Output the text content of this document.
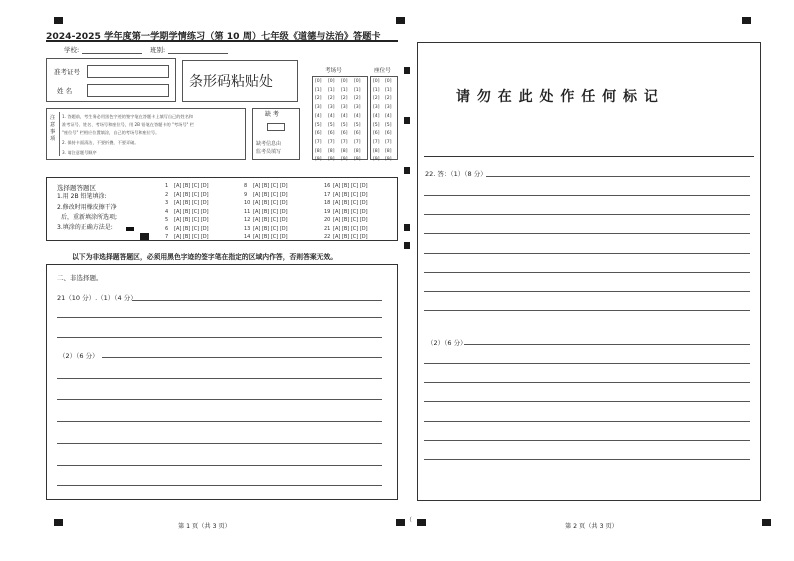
2024-2025 学年度第一学期学情练习（第 10 周）七年级《道德与法治》答题卡
学校:	班别:
准考证号
姓 名
条形码粘贴处
考场号
[0]
[1]
[2]
[3]
[4]
[5]
[6]
[7]
[8]
[9]
[0]
[1]
[2]
[3]
[4]
[5]
[6]
[7]
[8]
[9]
[0]
[1]
[2]
[3]
[4]
[5]
[6]
[7]
[8]
[9]
[0]
[1]
[2]
[3]
[4]
[5]
[6]
[7]
[8]
[9]
座位号
[0]
[1]
[2]
[3]
[4]
[5]
[6]
[7]
[8]
[9]
[0]
[1]
[2]
[3]
[4]
[5]
[6]
[7]
[8]
[9]
注意事项
1. 答题前，考生务必用黑色字迹的签字笔在答题卡上填写自己的姓名和
准考证号、姓名、考场号和座位号，用 2B 铅笔在答题卡的 "考场号" 栏
"座位号" 栏相应位置填涂，自己的考场号和座位号。
2. 保持卡面清洁，不要折叠，不要弄破。
3. 请注意题号顺序
缺 考
缺考信息由
监考员填写
选择题答题区
1.用 2B 铅笔填涂:
2.修改时用橡皮擦干净
后，重新填涂所选项;
3.填涂的正确方法是:
1 [A] [B] [C] [D]
2 [A] [B] [C] [D]
3 [A] [B] [C] [D]
4 [A] [B] [C] [D]
5 [A] [B] [C] [D]
6 [A] [B] [C] [D]
7 [A] [B] [C] [D]
8 [A] [B] [C] [D]
9 [A] [B] [C] [D]
10 [A] [B] [C] [D]
11 [A] [B] [C] [D]
12 [A] [B] [C] [D]
13 [A] [B] [C] [D]
14 [A] [B] [C] [D]
16 [A] [B] [C] [D]
17 [A] [B] [C] [D]
18 [A] [B] [C] [D]
19 [A] [B] [C] [D]
20 [A] [B] [C] [D]
21 [A] [B] [C] [D]
22 [A] [B] [C] [D]
以下为非选择题答题区，必须用黑色字迹的签字笔在指定的区域内作答，否则答案无效。
二、非选择题。
21（10 分）.（1）（4 分）
（2）（6 分）
第 1 页（共 3 页）
（
请 勿 在 此 处 作 任 何 标 记
22. 答：（1）（8 分）
（2）（6 分）
第 2 页（共 3 页）
